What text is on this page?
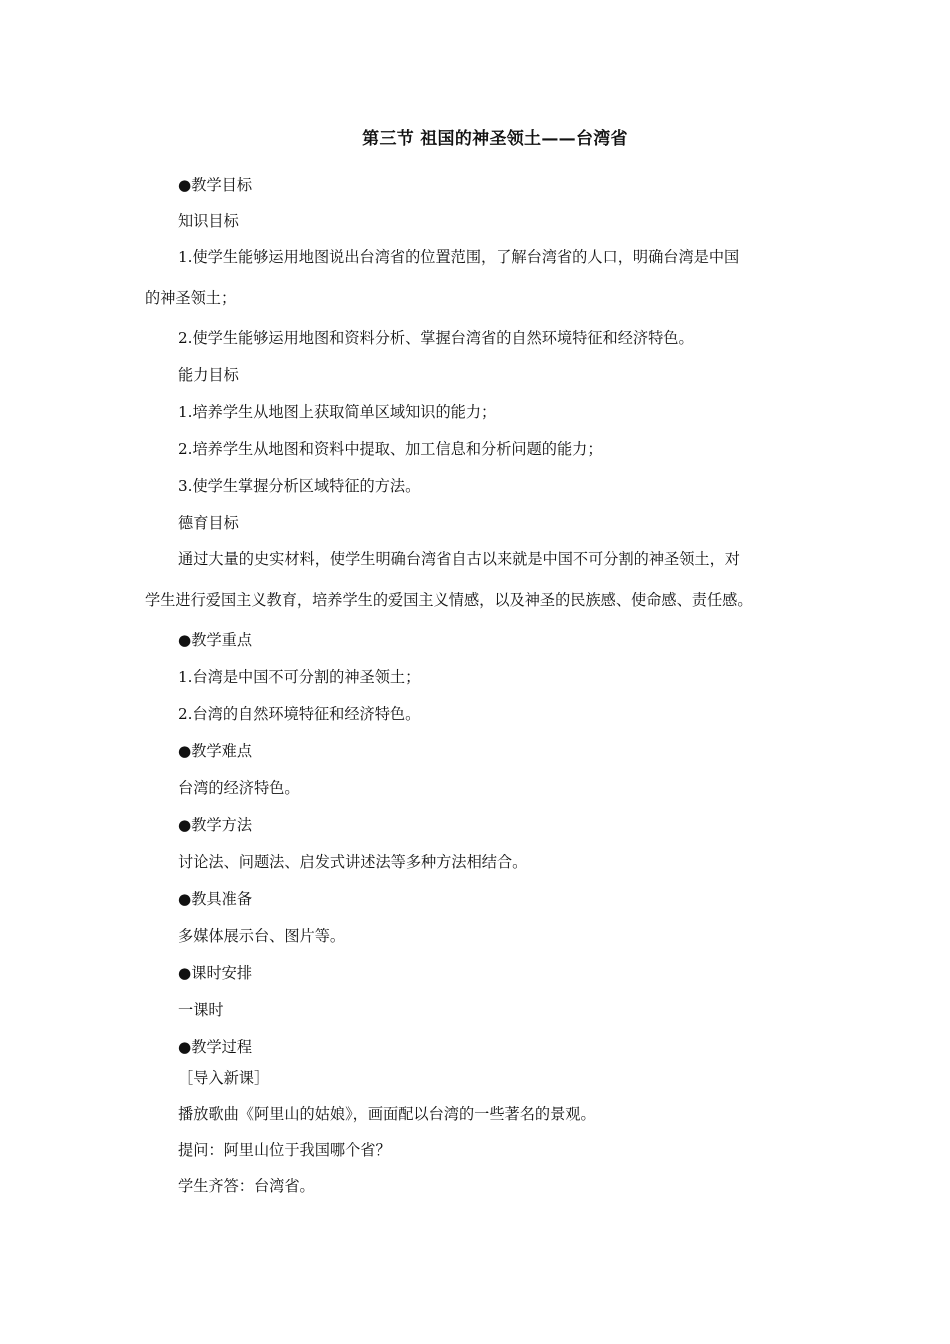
第三节 祖国的神圣领土——台湾省

●教学目标

知识目标

1.使学生能够运用地图说出台湾省的位置范围，了解台湾省的人口，明确台湾是中国

的神圣领土；

2.使学生能够运用地图和资料分析、掌握台湾省的自然环境特征和经济特色。

能力目标

1.培养学生从地图上获取简单区域知识的能力；

2.培养学生从地图和资料中提取、加工信息和分析问题的能力；

3.使学生掌握分析区域特征的方法。

德育目标

通过大量的史实材料，使学生明确台湾省自古以来就是中国不可分割的神圣领土，对

学生进行爱国主义教育，培养学生的爱国主义情感，以及神圣的民族感、使命感、责任感。

●教学重点

1.台湾是中国不可分割的神圣领土；

2.台湾的自然环境特征和经济特色。

●教学难点

台湾的经济特色。

●教学方法

讨论法、问题法、启发式讲述法等多种方法相结合。

●教具准备

多媒体展示台、图片等。

●课时安排

一课时

●教学过程

［导入新课］

播放歌曲《阿里山的姑娘》，画面配以台湾的一些著名的景观。

提问：阿里山位于我国哪个省？

学生齐答：台湾省。
